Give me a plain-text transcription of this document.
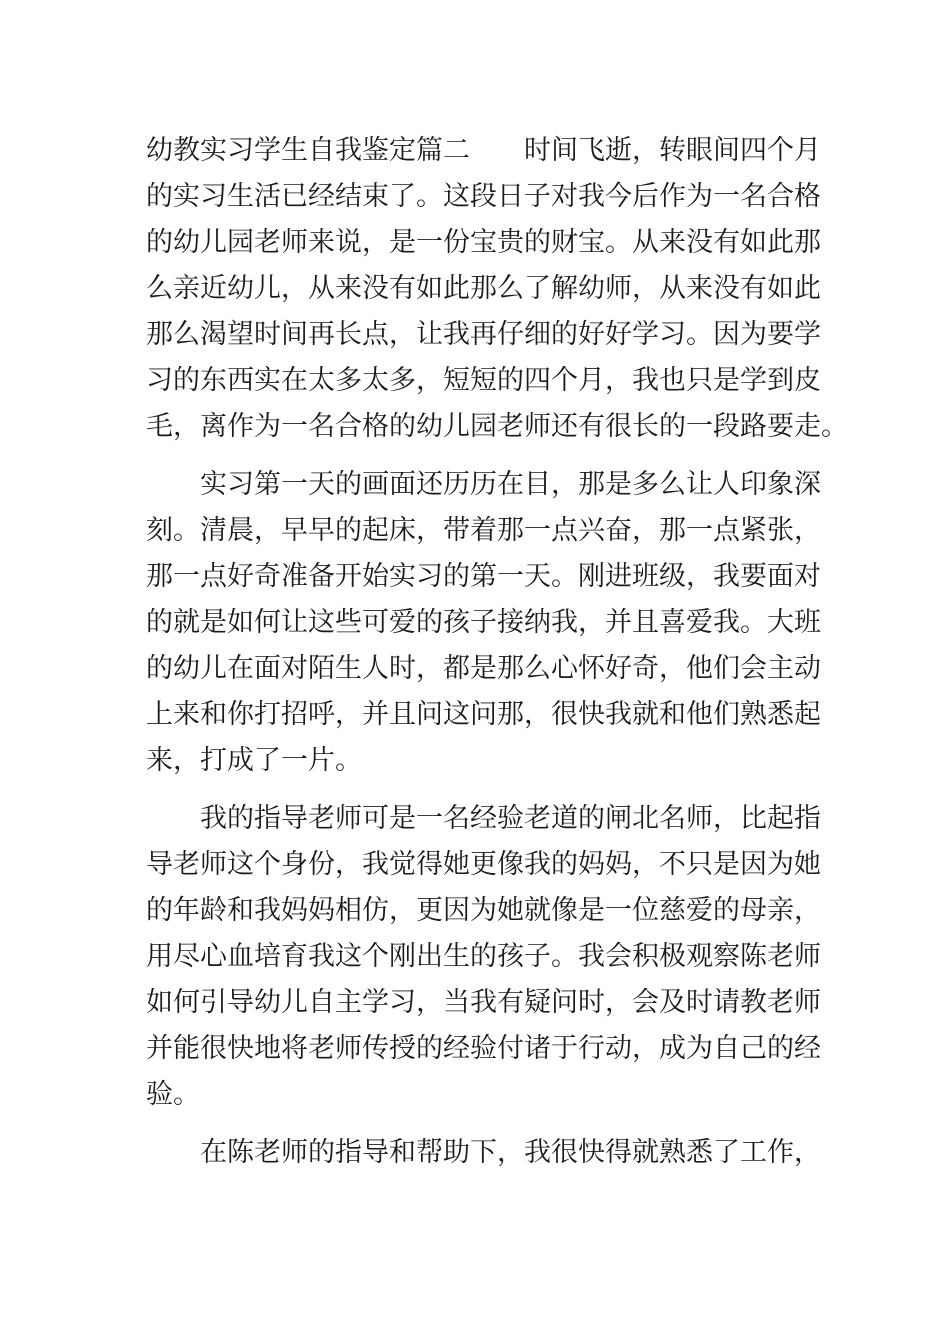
幼教实习学生自我鉴定篇二　　时间飞逝，转眼间四个月
的实习生活已经结束了。这段日子对我今后作为一名合格
的幼儿园老师来说，是一份宝贵的财宝。从来没有如此那
么亲近幼儿，从来没有如此那么了解幼师，从来没有如此
那么渴望时间再长点，让我再仔细的好好学习。因为要学
习的东西实在太多太多，短短的四个月，我也只是学到皮
毛，离作为一名合格的幼儿园老师还有很长的一段路要走。
实习第一天的画面还历历在目，那是多么让人印象深
刻。清晨，早早的起床，带着那一点兴奋，那一点紧张，
那一点好奇准备开始实习的第一天。刚进班级，我要面对
的就是如何让这些可爱的孩子接纳我，并且喜爱我。大班
的幼儿在面对陌生人时，都是那么心怀好奇，他们会主动
上来和你打招呼，并且问这问那，很快我就和他们熟悉起
来，打成了一片。
我的指导老师可是一名经验老道的闸北名师，比起指
导老师这个身份，我觉得她更像我的妈妈，不只是因为她
的年龄和我妈妈相仿，更因为她就像是一位慈爱的母亲，
用尽心血培育我这个刚出生的孩子。我会积极观察陈老师
如何引导幼儿自主学习，当我有疑问时，会及时请教老师
并能很快地将老师传授的经验付诸于行动，成为自己的经
验。
在陈老师的指导和帮助下，我很快得就熟悉了工作，
